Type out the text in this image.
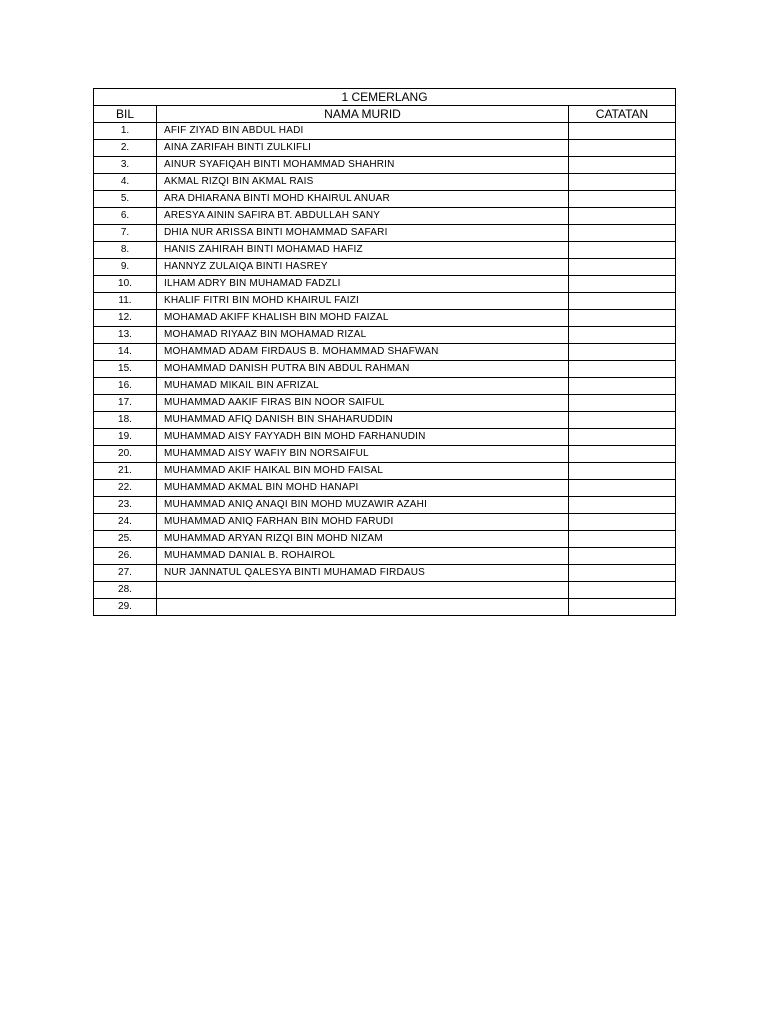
1 CEMERLANG		
BIL	NAMA MURID	CATATAN
1.	AFIF ZIYAD BIN ABDUL HADI	
2.	AINA ZARIFAH BINTI ZULKIFLI	
3.	AINUR SYAFIQAH BINTI MOHAMMAD SHAHRIN	
4.	AKMAL RIZQI BIN AKMAL RAIS	
5.	ARA DHIARANA BINTI MOHD KHAIRUL ANUAR	
6.	ARESYA AININ SAFIRA BT. ABDULLAH SANY	
7.	DHIA NUR ARISSA BINTI MOHAMMAD SAFARI	
8.	HANIS ZAHIRAH BINTI MOHAMAD HAFIZ	
9.	HANNYZ ZULAIQA BINTI HASREY	
10.	ILHAM ADRY BIN MUHAMAD FADZLI	
11.	KHALIF FITRI BIN MOHD KHAIRUL FAIZI	
12.	MOHAMAD AKIFF KHALISH BIN MOHD FAIZAL	
13.	MOHAMAD RIYAAZ BIN MOHAMAD RIZAL	
14.	MOHAMMAD ADAM FIRDAUS B. MOHAMMAD SHAFWAN	
15.	MOHAMMAD DANISH PUTRA BIN ABDUL RAHMAN	
16.	MUHAMAD MIKAIL BIN AFRIZAL	
17.	MUHAMMAD AAKIF FIRAS BIN NOOR SAIFUL	
18.	MUHAMMAD AFIQ DANISH BIN SHAHARUDDIN	
19.	MUHAMMAD AISY FAYYADH BIN MOHD FARHANUDIN	
20.	MUHAMMAD AISY WAFIY BIN NORSAIFUL	
21.	MUHAMMAD AKIF HAIKAL BIN MOHD FAISAL	
22.	MUHAMMAD AKMAL BIN MOHD HANAPI	
23.	MUHAMMAD ANIQ ANAQI BIN MOHD MUZAWIR AZAHI	
24.	MUHAMMAD ANIQ FARHAN BIN MOHD FARUDI	
25.	MUHAMMAD ARYAN RIZQI BIN MOHD NIZAM	
26.	MUHAMMAD DANIAL B. ROHAIROL	
27.	NUR JANNATUL QALESYA BINTI MUHAMAD FIRDAUS	
28.		
29.		
